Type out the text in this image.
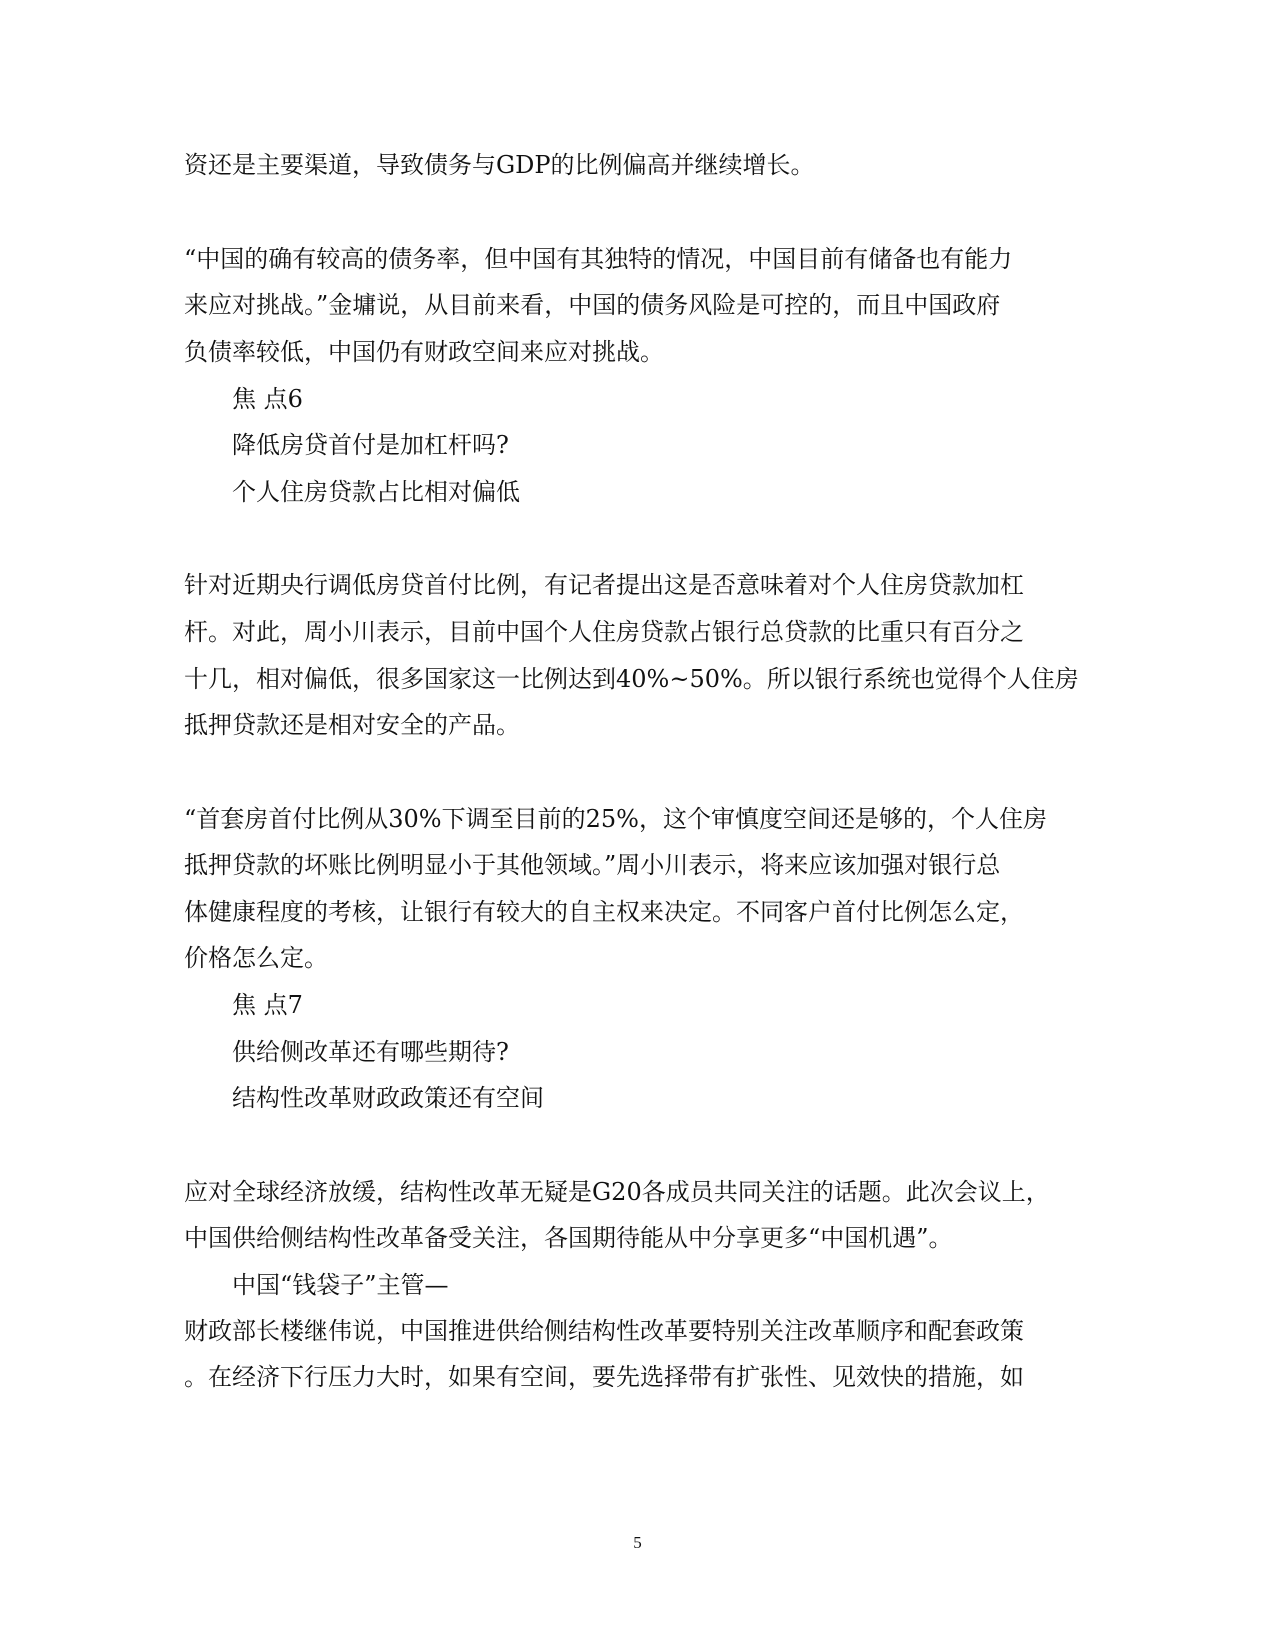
资还是主要渠道，导致债务与GDP的比例偏高并继续增长。
“中国的确有较高的债务率，但中国有其独特的情况，中国目前有储备也有能力
来应对挑战。”金墉说，从目前来看，中国的债务风险是可控的，而且中国政府
负债率较低，中国仍有财政空间来应对挑战。
焦 点6
降低房贷首付是加杠杆吗?
个人住房贷款占比相对偏低
针对近期央行调低房贷首付比例，有记者提出这是否意味着对个人住房贷款加杠
杆。对此，周小川表示，目前中国个人住房贷款占银行总贷款的比重只有百分之
十几，相对偏低，很多国家这一比例达到40%~50%。所以银行系统也觉得个人住房
抵押贷款还是相对安全的产品。
“首套房首付比例从30%下调至目前的25%，这个审慎度空间还是够的，个人住房
抵押贷款的坏账比例明显小于其他领域。”周小川表示，将来应该加强对银行总
体健康程度的考核，让银行有较大的自主权来决定。不同客户首付比例怎么定，
价格怎么定。
焦 点7
供给侧改革还有哪些期待?
结构性改革财政政策还有空间
应对全球经济放缓，结构性改革无疑是G20各成员共同关注的话题。此次会议上，
中国供给侧结构性改革备受关注，各国期待能从中分享更多“中国机遇”。
中国“钱袋子”主管—
财政部长楼继伟说，中国推进供给侧结构性改革要特别关注改革顺序和配套政策
。在经济下行压力大时，如果有空间，要先选择带有扩张性、见效快的措施，如
5
